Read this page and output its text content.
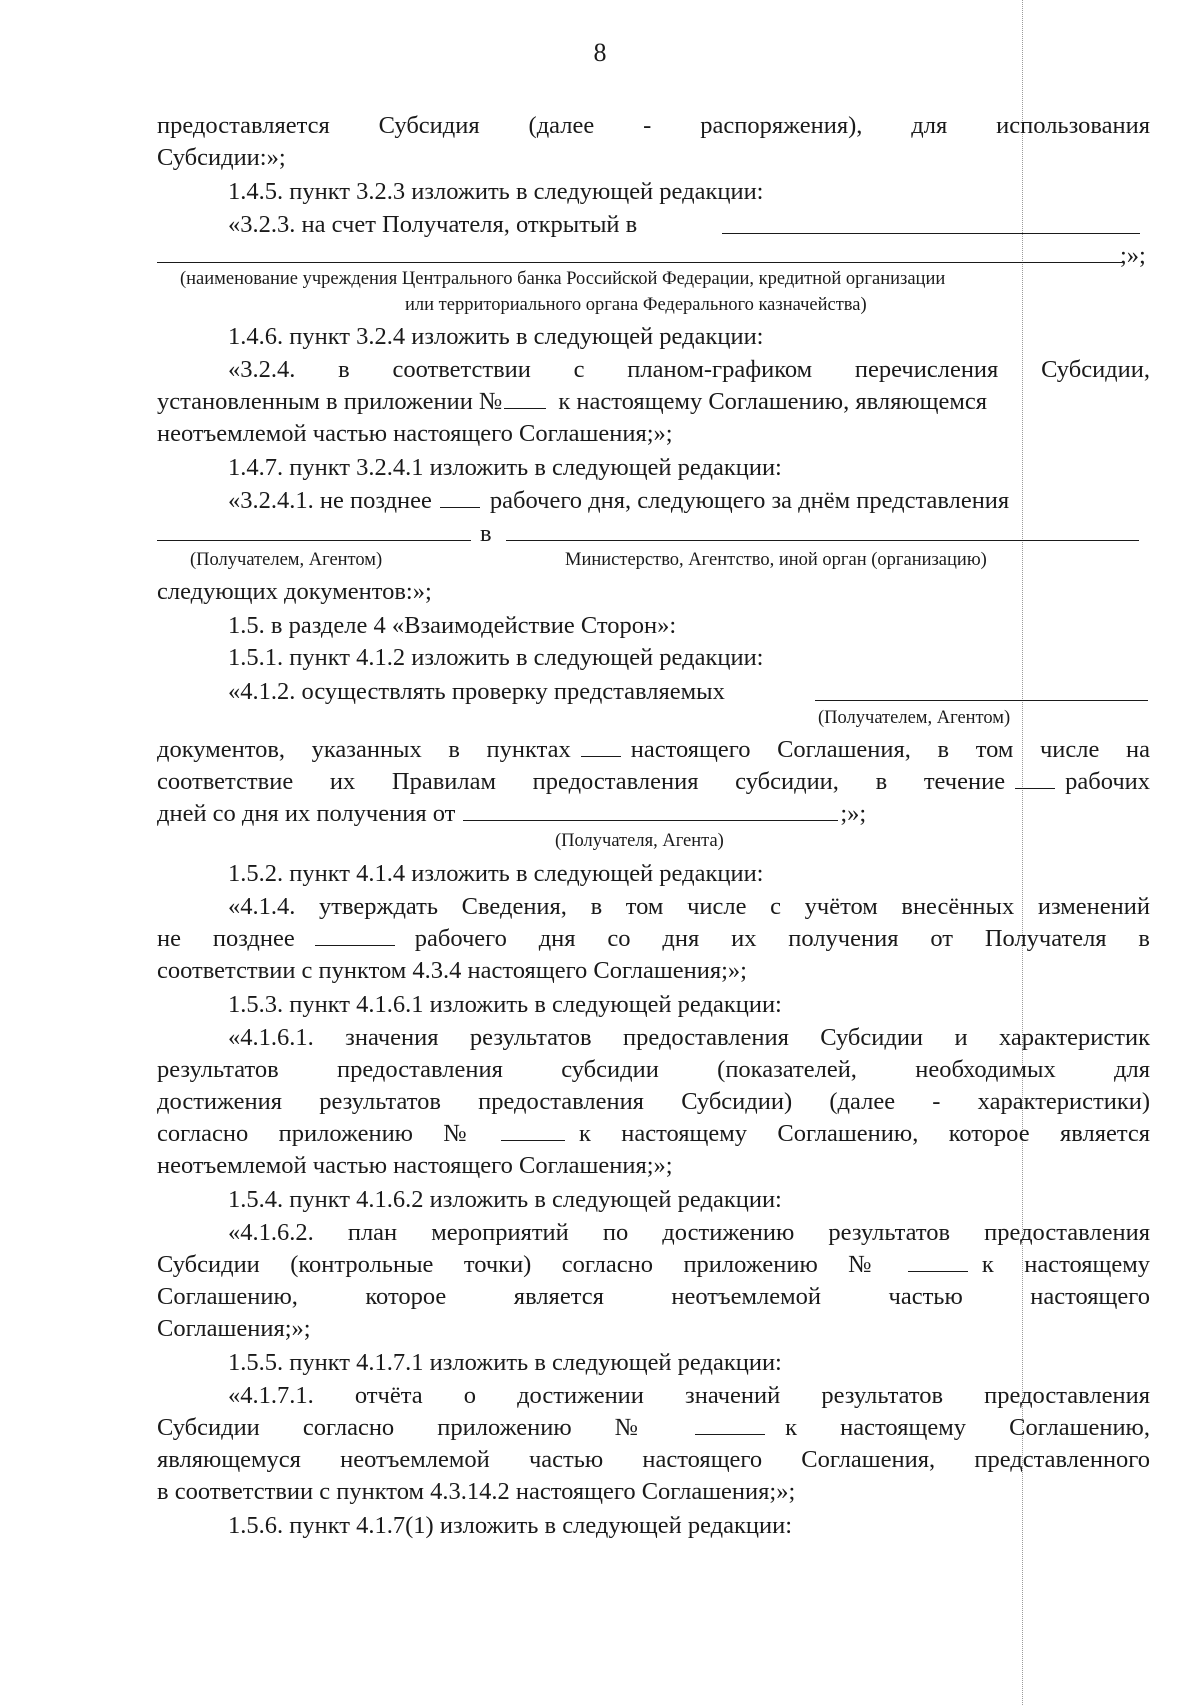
8
предоставляется Субсидия (далее - распоряжения), для использования
Субсидии:»;
1.4.5. пункт 3.2.3 изложить в следующей редакции:
«3.2.3. на счет Получателя, открытый в
;»;
(наименование учреждения Центрального банка Российской Федерации, кредитной организации
или территориального органа Федерального казначейства)
1.4.6. пункт 3.2.4 изложить в следующей редакции:
«3.2.4. в соответствии с планом-графиком перечисления Субсидии,
установленным в приложении № к настоящему Соглашению, являющемся
неотъемлемой частью настоящего Соглашения;»;
1.4.7. пункт 3.2.4.1 изложить в следующей редакции:
«3.2.4.1. не позднее рабочего дня, следующего за днём представления
в
(Получателем, Агентом)	Министерство, Агентство, иной орган (организацию)
следующих документов:»;
1.5. в разделе 4 «Взаимодействие Сторон»:
1.5.1. пункт 4.1.2 изложить в следующей редакции:
«4.1.2. осуществлять проверку представляемых
(Получателем, Агентом)
документов, указанных в пунктах настоящего Соглашения, в том числе на
соответствие их Правилам предоставления субсидии, в течение рабочих
дней со дня их получения от	;»;
(Получателя, Агента)
1.5.2. пункт 4.1.4 изложить в следующей редакции:
«4.1.4. утверждать Сведения, в том числе с учётом внесённых изменений
не позднее	рабочего дня со дня их получения от Получателя в
соответствии с пунктом 4.3.4 настоящего Соглашения;»;
1.5.3. пункт 4.1.6.1 изложить в следующей редакции:
«4.1.6.1. значения результатов предоставления Субсидии и характеристик
результатов предоставления субсидии (показателей, необходимых для
достижения результатов предоставления Субсидии) (далее - характеристики)
согласно приложению №	к настоящему Соглашению, которое является
неотъемлемой частью настоящего Соглашения;»;
1.5.4. пункт 4.1.6.2 изложить в следующей редакции:
«4.1.6.2. план мероприятий по достижению результатов предоставления
Субсидии (контрольные точки) согласно приложению №	к настоящему
Соглашению, которое является неотъемлемой частью настоящего
Соглашения;»;
1.5.5. пункт 4.1.7.1 изложить в следующей редакции:
«4.1.7.1. отчёта о достижении значений результатов предоставления
Субсидии согласно приложению №	к настоящему Соглашению,
являющемуся неотъемлемой частью настоящего Соглашения, представленного
в соответствии с пунктом 4.3.14.2 настоящего Соглашения;»;
1.5.6. пункт 4.1.7(1) изложить в следующей редакции:
